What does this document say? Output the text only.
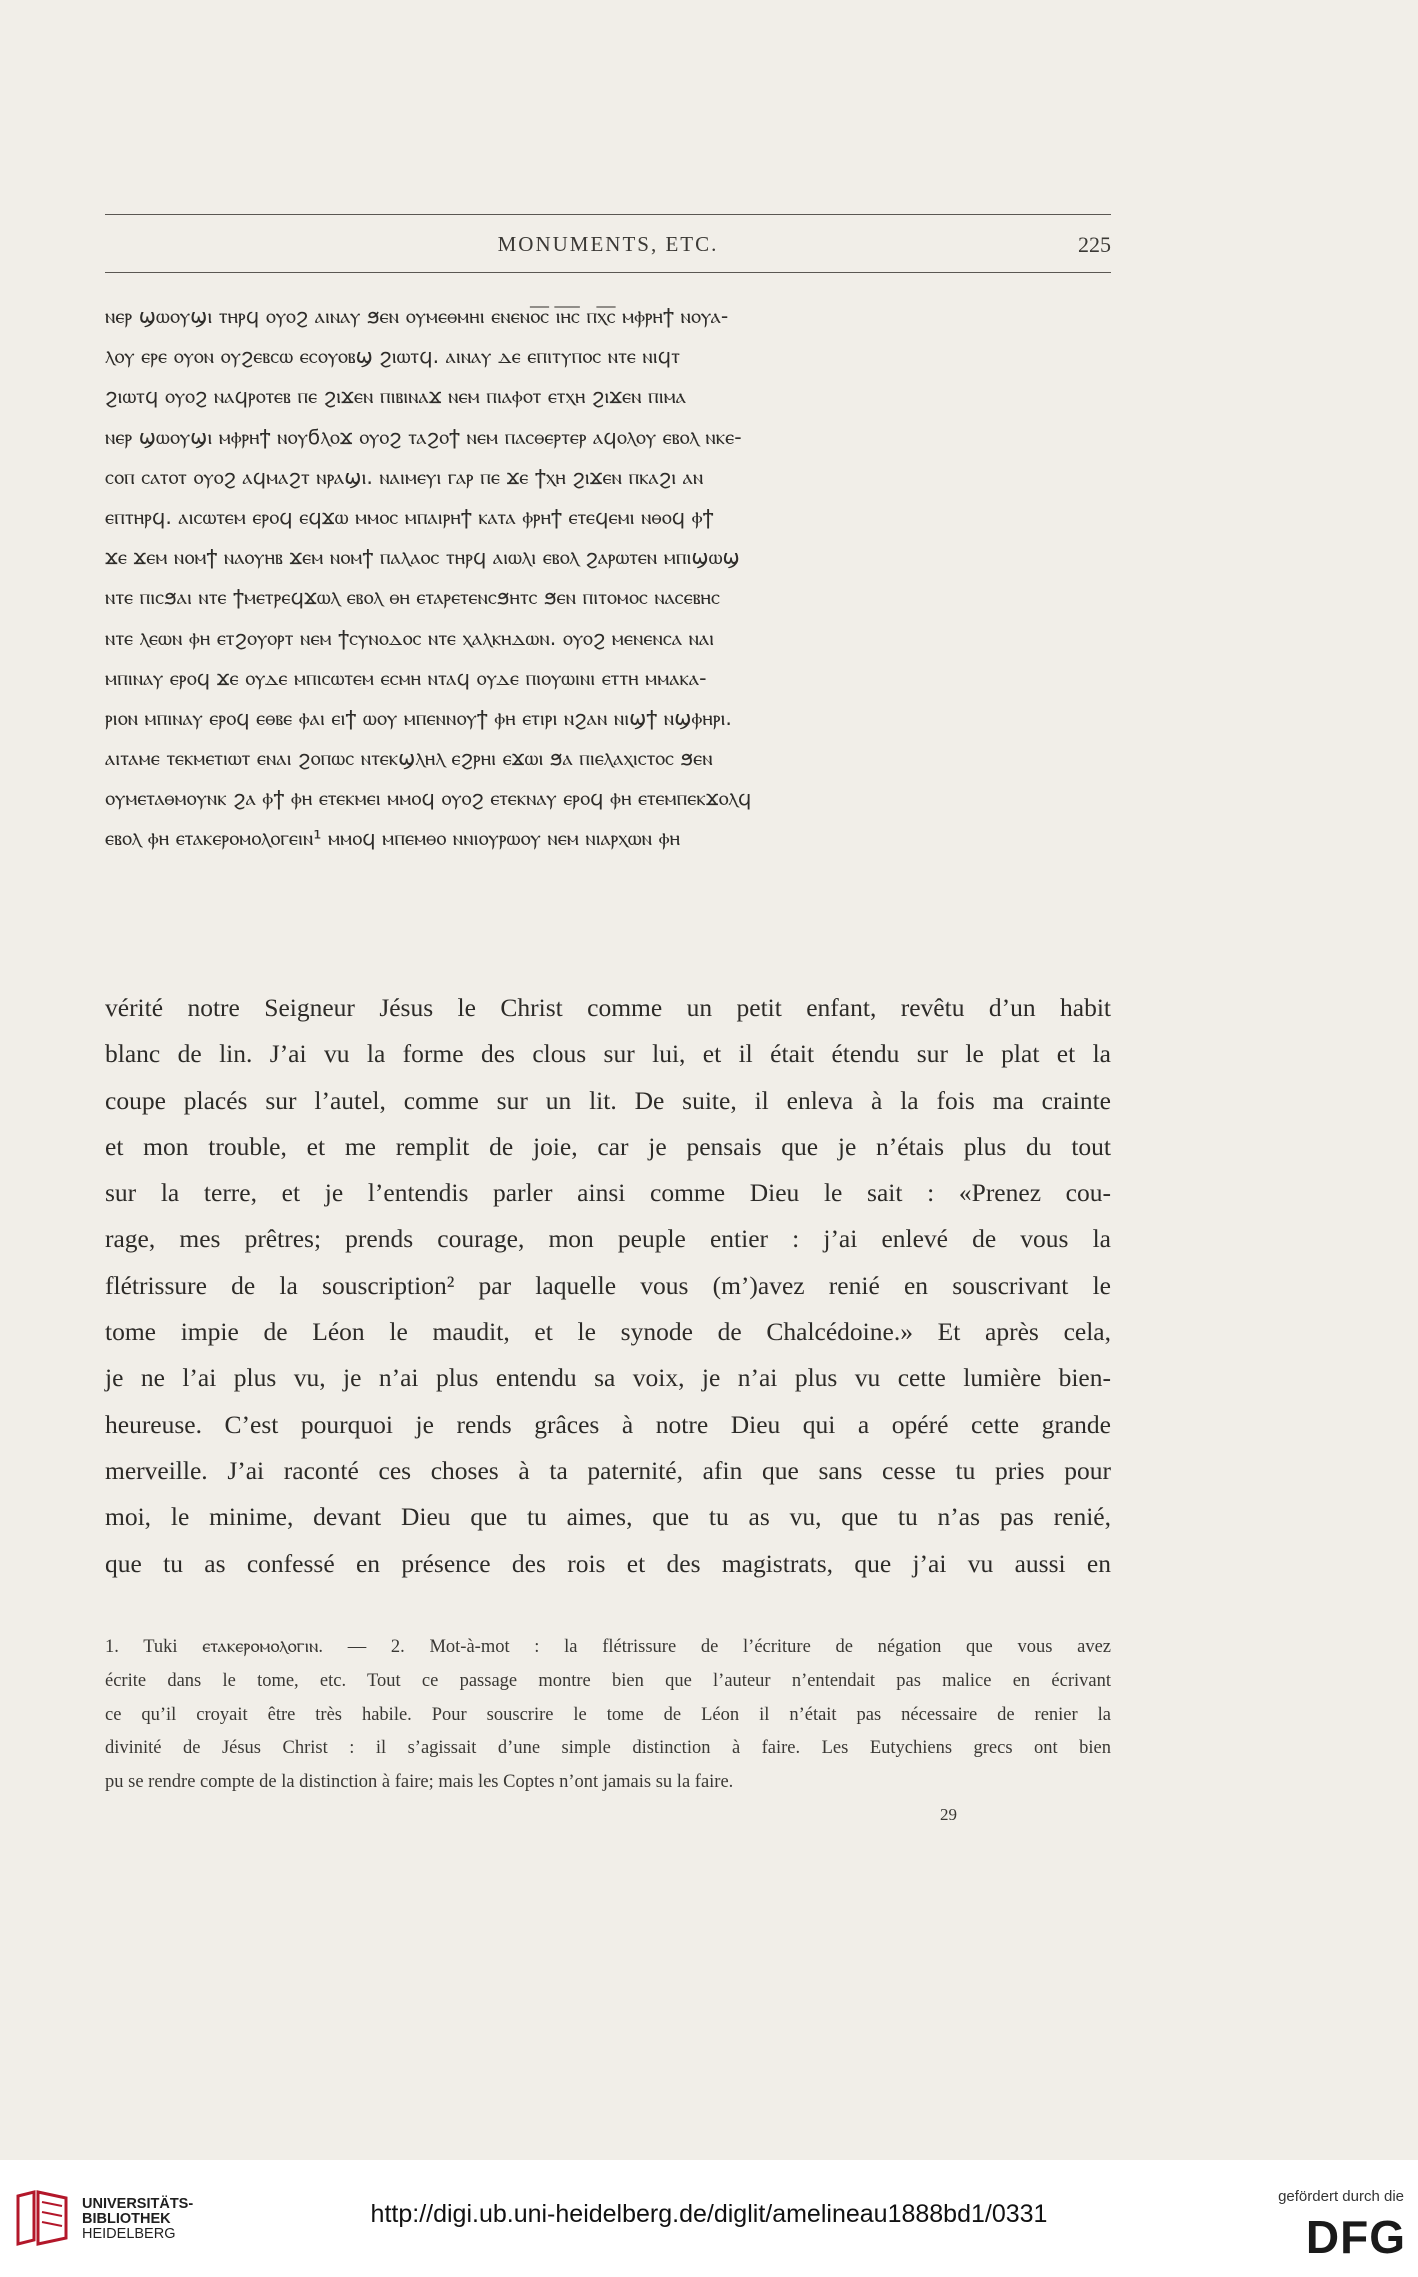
MONUMENTS, ETC.	225
ⲛⲉⲣ ϣⲱⲟⲩϣⲓ ⲧⲏⲣϥ ⲟⲩⲟϩ ⲁⲓⲛⲁⲩ ϧⲉⲛ ⲟⲩⲙⲉⲑⲙⲏⲓ ⲉⲛⲉⲛⲟ̅ⲥ̅ ⲓ̅ⲏ̅ⲥ̅ ⲡⲭ̅ⲥ̅ ⲙⲫⲣⲏϯ ⲛⲟⲩⲁ-
ⲗⲟⲩ ⲉⲣⲉ ⲟⲩⲟⲛ ⲟⲩϩⲉⲃⲥⲱ ⲉⲥⲟⲩⲟⲃϣ ϩⲓⲱⲧϥ. ⲁⲓⲛⲁⲩ ⲇⲉ ⲉⲡⲓⲧⲩⲡⲟⲥ ⲛⲧⲉ ⲛⲓϥⲧ
ϩⲓⲱⲧϥ ⲟⲩⲟϩ ⲛⲁϥⲣⲟⲧⲉⲃ ⲡⲉ ϩⲓϫⲉⲛ ⲡⲓⲃⲓⲛⲁϫ ⲛⲉⲙ ⲡⲓⲁⲫⲟⲧ ⲉⲧⲭⲏ ϩⲓϫⲉⲛ ⲡⲓⲙⲁ
ⲛⲉⲣ ϣⲱⲟⲩϣⲓ ⲙⲫⲣⲏϯ ⲛⲟⲩϭⲗⲟϫ ⲟⲩⲟϩ ⲧⲁϩⲟϯ ⲛⲉⲙ ⲡⲁⲥⲑⲉⲣⲧⲉⲣ ⲁϥⲟⲗⲟⲩ ⲉⲃⲟⲗ ⲛⲕⲉ-
ⲥⲟⲡ ⲥⲁⲧⲟⲧ ⲟⲩⲟϩ ⲁϥⲙⲁϩⲧ ⲛⲣⲁϣⲓ. ⲛⲁⲓⲙⲉⲩⲓ ⲅⲁⲣ ⲡⲉ ϫⲉ ϯⲭⲏ ϩⲓϫⲉⲛ ⲡⲕⲁϩⲓ ⲁⲛ
ⲉⲡⲧⲏⲣϥ. ⲁⲓⲥⲱⲧⲉⲙ ⲉⲣⲟϥ ⲉϥϫⲱ ⲙⲙⲟⲥ ⲙⲡⲁⲓⲣⲏϯ ⲕⲁⲧⲁ ⲫⲣⲏϯ ⲉⲧⲉϥⲉⲙⲓ ⲛⲑⲟϥ ⲫϯ
ϫⲉ ϫⲉⲙ ⲛⲟⲙϯ ⲛⲁⲟⲩⲏⲃ ϫⲉⲙ ⲛⲟⲙϯ ⲡⲁⲗⲁⲟⲥ ⲧⲏⲣϥ ⲁⲓⲱⲗⲓ ⲉⲃⲟⲗ ϩⲁⲣⲱⲧⲉⲛ ⲙⲡⲓϣⲱϣ
ⲛⲧⲉ ⲡⲓⲥϧⲁⲓ ⲛⲧⲉ ϯⲙⲉⲧⲣⲉϥϫⲱⲗ ⲉⲃⲟⲗ ⲑⲏ ⲉⲧⲁⲣⲉⲧⲉⲛⲥϧⲏⲧⲥ ϧⲉⲛ ⲡⲓⲧⲟⲙⲟⲥ ⲛⲁⲥⲉⲃⲏⲥ
ⲛⲧⲉ ⲗⲉⲱⲛ ⲫⲏ ⲉⲧϩⲟⲩⲟⲣⲧ ⲛⲉⲙ ϯⲥⲩⲛⲟⲇⲟⲥ ⲛⲧⲉ ⲭⲁⲗⲕⲏⲇⲱⲛ. ⲟⲩⲟϩ ⲙⲉⲛⲉⲛⲥⲁ ⲛⲁⲓ
ⲙⲡⲓⲛⲁⲩ ⲉⲣⲟϥ ϫⲉ ⲟⲩⲇⲉ ⲙⲡⲓⲥⲱⲧⲉⲙ ⲉⲥⲙⲏ ⲛⲧⲁϥ ⲟⲩⲇⲉ ⲡⲓⲟⲩⲱⲓⲛⲓ ⲉⲧⲧⲏ ⲙⲙⲁⲕⲁ-
ⲣⲓⲟⲛ ⲙⲡⲓⲛⲁⲩ ⲉⲣⲟϥ ⲉⲑⲃⲉ ⲫⲁⲓ ⲉⲓϯ ⲱⲟⲩ ⲙⲡⲉⲛⲛⲟⲩϯ ⲫⲏ ⲉⲧⲓⲣⲓ ⲛϩⲁⲛ ⲛⲓϣϯ ⲛϣⲫⲏⲣⲓ.
ⲁⲓⲧⲁⲙⲉ ⲧⲉⲕⲙⲉⲧⲓⲱⲧ ⲉⲛⲁⲓ ϩⲟⲡⲱⲥ ⲛⲧⲉⲕϣⲗⲏⲗ ⲉϩⲣⲏⲓ ⲉϫⲱⲓ ϧⲁ ⲡⲓⲉⲗⲁⲭⲓⲥⲧⲟⲥ ϧⲉⲛ
ⲟⲩⲙⲉⲧⲁⲑⲙⲟⲩⲛⲕ ϩⲁ ⲫϯ ⲫⲏ ⲉⲧⲉⲕⲙⲉⲓ ⲙⲙⲟϥ ⲟⲩⲟϩ ⲉⲧⲉⲕⲛⲁⲩ ⲉⲣⲟϥ ⲫⲏ ⲉⲧⲉⲙⲡⲉⲕϫⲟⲗϥ
ⲉⲃⲟⲗ ⲫⲏ ⲉⲧⲁⲕⲉⲣⲟⲙⲟⲗⲟⲅⲉⲓⲛ¹ ⲙⲙⲟϥ ⲙⲡⲉⲙⲑⲟ ⲛⲛⲓⲟⲩⲣⲱⲟⲩ ⲛⲉⲙ ⲛⲓⲁⲣⲭⲱⲛ ⲫⲏ
vérité notre Seigneur Jésus le Christ comme un petit enfant, revêtu d’un habit
blanc de lin. J’ai vu la forme des clous sur lui, et il était étendu sur le plat et la
coupe placés sur l’autel, comme sur un lit. De suite, il enleva à la fois ma crainte
et mon trouble, et me remplit de joie, car je pensais que je n’étais plus du tout
sur la terre, et je l’entendis parler ainsi comme Dieu le sait : «Prenez cou-
rage, mes prêtres; prends courage, mon peuple entier : j’ai enlevé de vous la
flétrissure de la souscription² par laquelle vous (m’)avez renié en souscrivant le
tome impie de Léon le maudit, et le synode de Chalcédoine.» Et après cela,
je ne l’ai plus vu, je n’ai plus entendu sa voix, je n’ai plus vu cette lumière bien-
heureuse. C’est pourquoi je rends grâces à notre Dieu qui a opéré cette grande
merveille. J’ai raconté ces choses à ta paternité, afin que sans cesse tu pries pour
moi, le minime, devant Dieu que tu aimes, que tu as vu, que tu n’as pas renié,
que tu as confessé en présence des rois et des magistrats, que j’ai vu aussi en
1. Tuki ⲉⲧⲁⲕⲉⲣⲟⲙⲟⲗⲟⲅⲓⲛ. — 2. Mot-à-mot : la flétrissure de l’écriture de négation que vous avez
écrite dans le tome, etc. Tout ce passage montre bien que l’auteur n’entendait pas malice en écrivant
ce qu’il croyait être très habile. Pour souscrire le tome de Léon il n’était pas nécessaire de renier la
divinité de Jésus Christ : il s’agissait d’une simple distinction à faire. Les Eutychiens grecs ont bien
pu se rendre compte de la distinction à faire; mais les Coptes n’ont jamais su la faire.
29
UNIVERSITÄTS-
BIBLIOTHEK
HEIDELBERG
http://digi.ub.uni-heidelberg.de/diglit/amelineau1888bd1/0331
gefördert durch die
DFG
